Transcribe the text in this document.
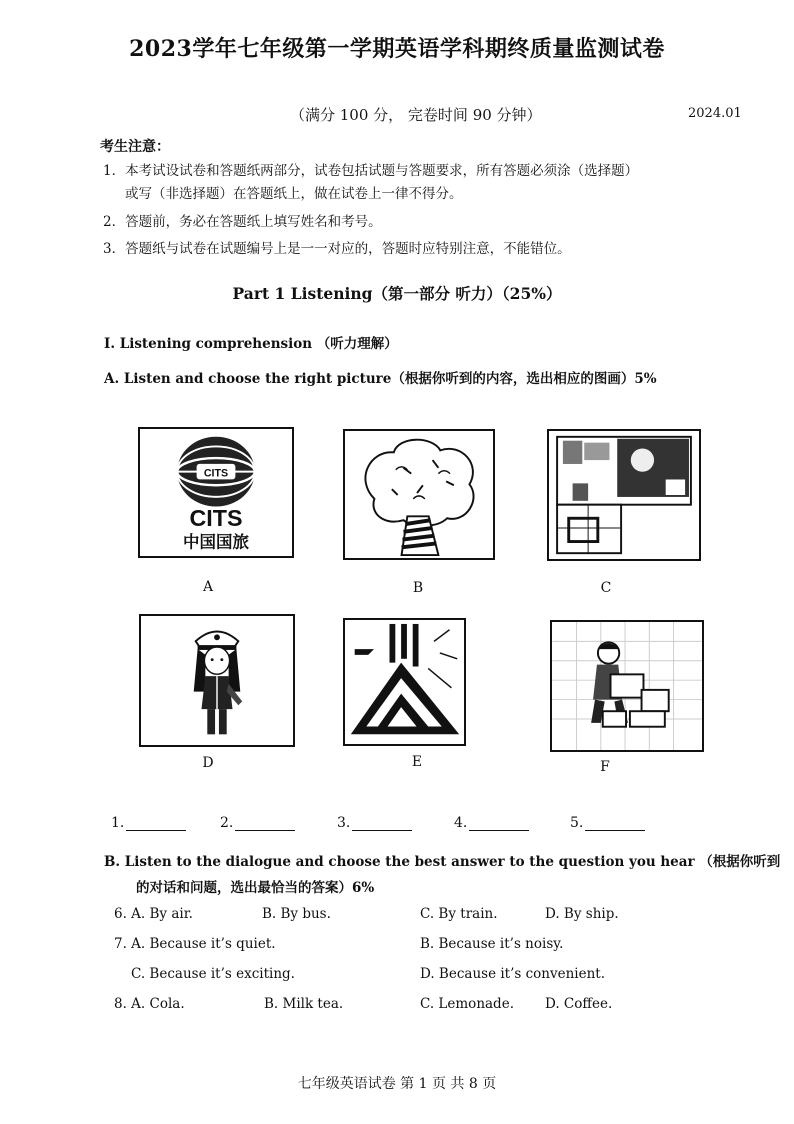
2023学年七年级第一学期英语学科期终质量监测试卷
（满分 100 分， 完卷时间 90 分钟）	2024.01
考生注意：
1．本考试设试卷和答题纸两部分，试卷包括试题与答题要求，所有答题必须涂（选择题）
或写（非选择题）在答题纸上，做在试卷上一律不得分。
2．答题前，务必在答题纸上填写姓名和考号。
3．答题纸与试卷在试题编号上是一一对应的，答题时应特别注意，不能错位。
Part 1 Listening（第一部分 听力）（25%）
I. Listening comprehension （听力理解）
A. Listen and choose the right picture（根据你听到的内容，选出相应的图画）5%
CITS
CITS
中国国旅
A	B	C
D	E	F
1.	2.	3.	4.	5.
B. Listen to the dialogue and choose the best answer to the question you hear （根据你听到
的对话和问题，选出最恰当的答案）6%
6. A. By air.	B. By bus.	C. By train.	D. By ship.
7. A. Because it’s quiet.	B. Because it’s noisy.
C. Because it’s exciting.	D. Because it’s convenient.
8. A. Cola.	B. Milk tea.	C. Lemonade. D. Coffee.
七年级英语试卷 第 1 页 共 8 页
